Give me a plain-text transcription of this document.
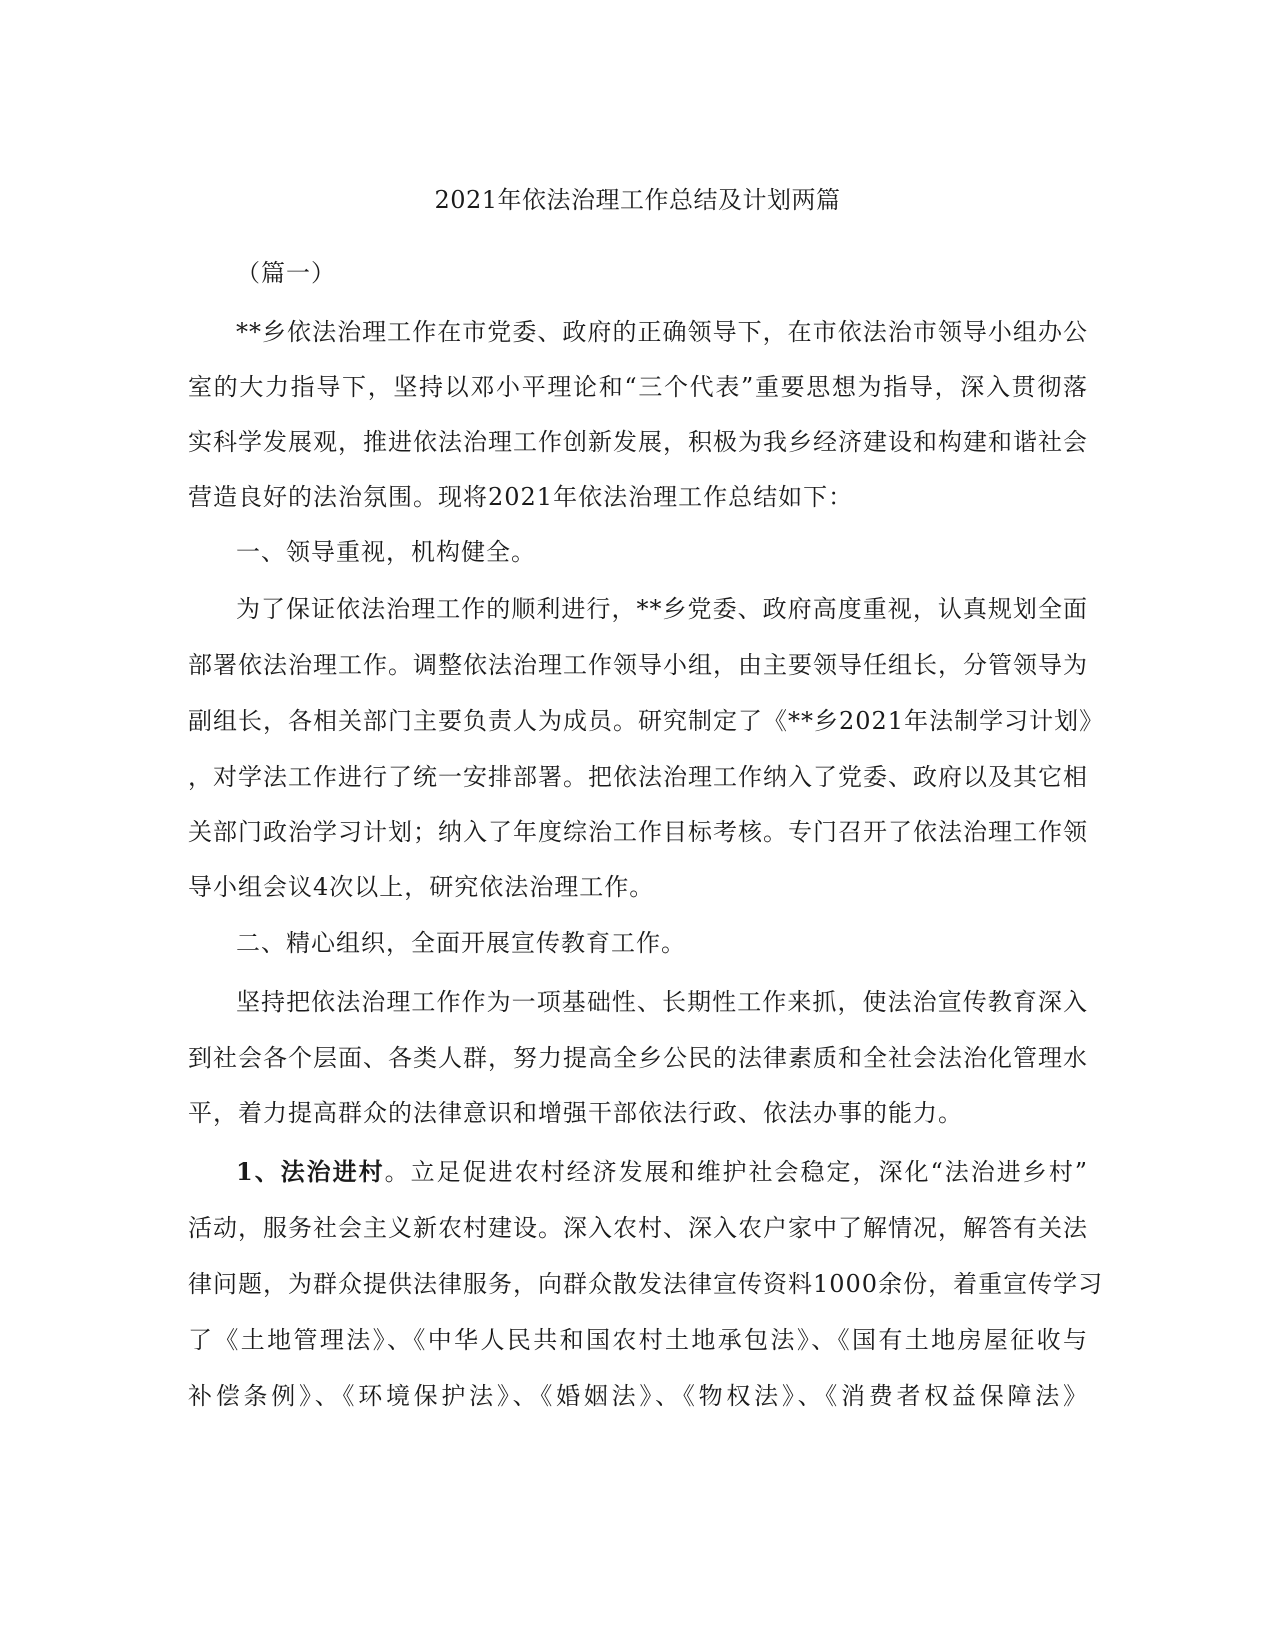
2021年依法治理工作总结及计划两篇
（篇一）
**乡依法治理工作在市党委、政府的正确领导下，在市依法治市领导小组办公
室的大力指导下，坚持以邓小平理论和“三个代表”重要思想为指导，深入贯彻落
实科学发展观，推进依法治理工作创新发展，积极为我乡经济建设和构建和谐社会
营造良好的法治氛围。现将2021年依法治理工作总结如下：
一、领导重视，机构健全。
为了保证依法治理工作的顺利进行，**乡党委、政府高度重视，认真规划全面
部署依法治理工作。调整依法治理工作领导小组，由主要领导任组长，分管领导为
副组长，各相关部门主要负责人为成员。研究制定了《**乡2021年法制学习计划》
，对学法工作进行了统一安排部署。把依法治理工作纳入了党委、政府以及其它相
关部门政治学习计划；纳入了年度综治工作目标考核。专门召开了依法治理工作领
导小组会议4次以上，研究依法治理工作。
二、精心组织，全面开展宣传教育工作。
坚持把依法治理工作作为一项基础性、长期性工作来抓，使法治宣传教育深入
到社会各个层面、各类人群，努力提高全乡公民的法律素质和全社会法治化管理水
平，着力提高群众的法律意识和增强干部依法行政、依法办事的能力。
1、法治进村。立足促进农村经济发展和维护社会稳定，深化“法治进乡村”
活动，服务社会主义新农村建设。深入农村、深入农户家中了解情况，解答有关法
律问题，为群众提供法律服务，向群众散发法律宣传资料1000余份，着重宣传学习
了《土地管理法》、《中华人民共和国农村土地承包法》、《国有土地房屋征收与
补偿条例》、《环境保护法》、《婚姻法》、《物权法》、《消费者权益保障法》
